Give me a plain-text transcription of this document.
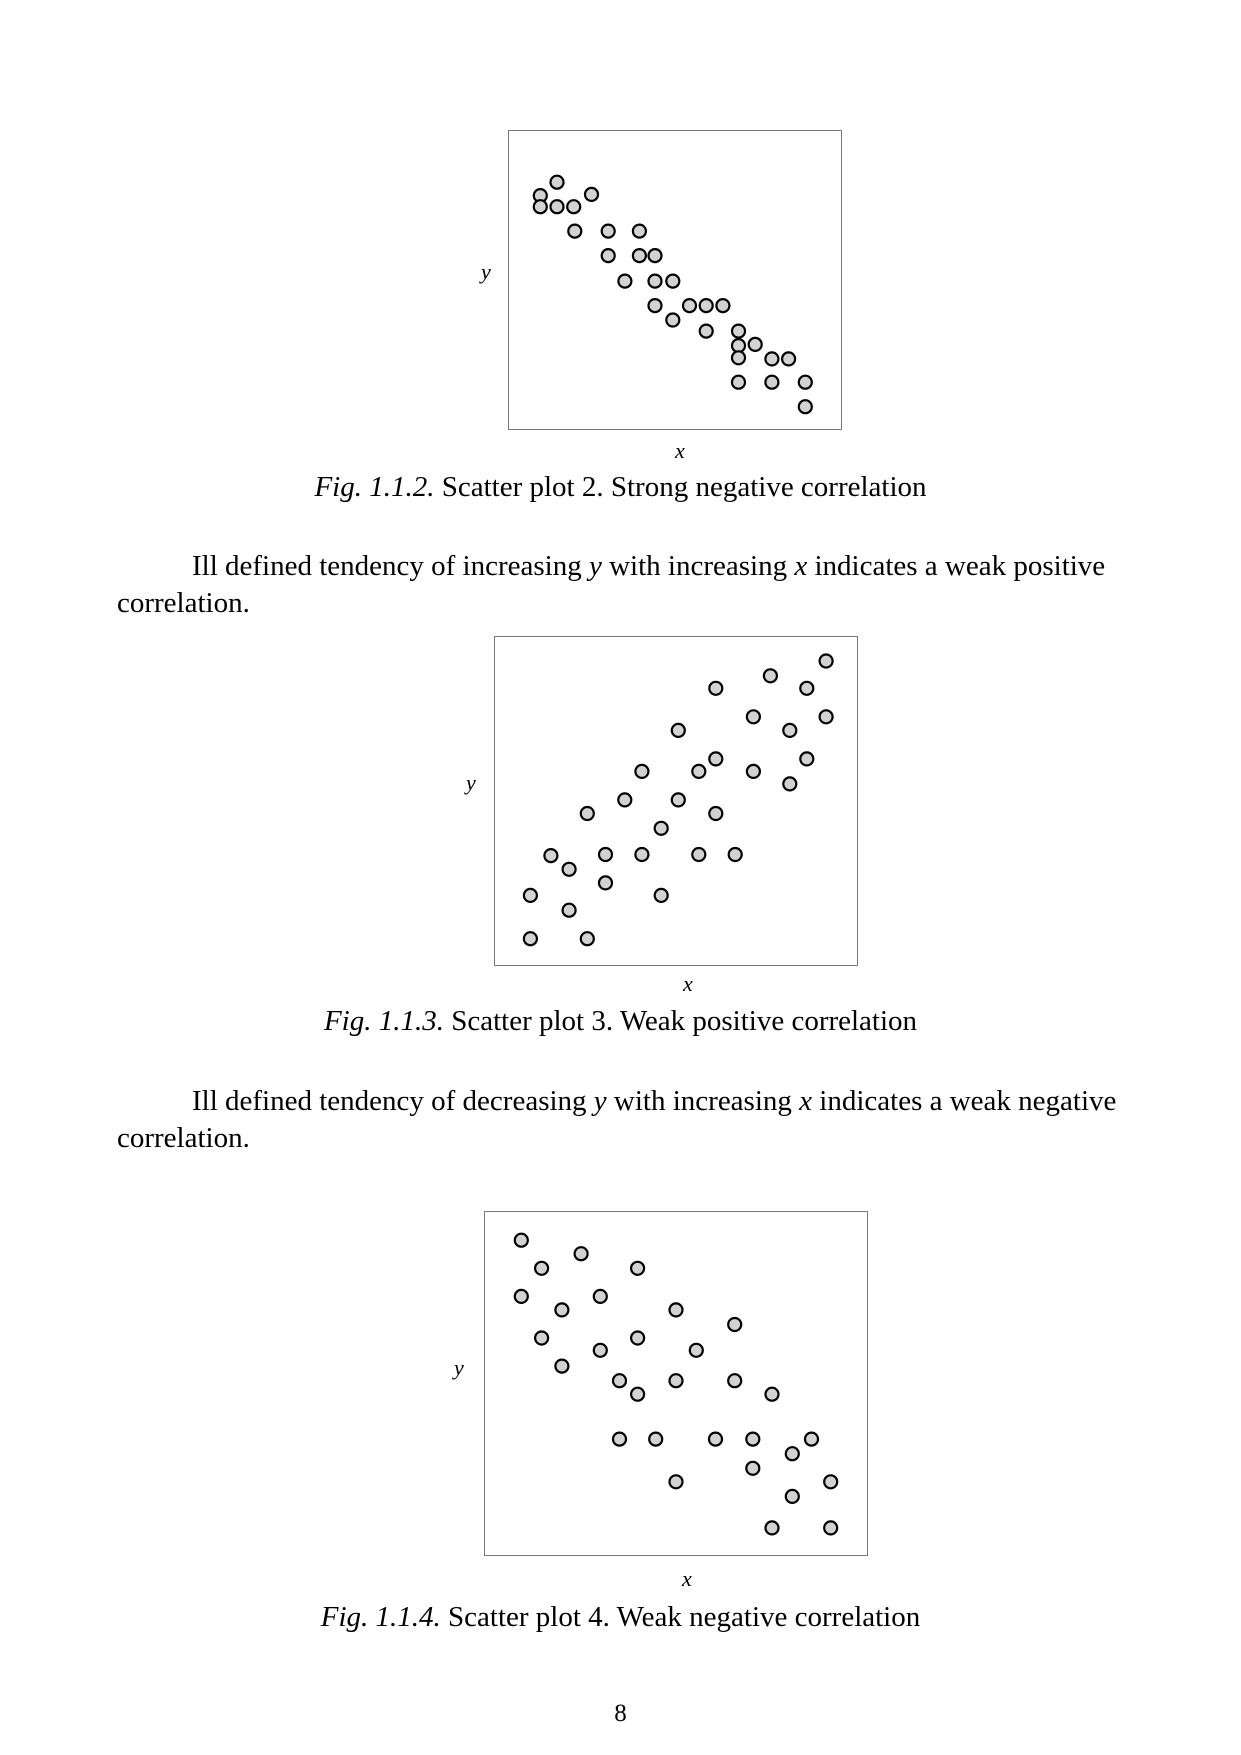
y
x
Fig. 1.1.2. Scatter plot 2. Strong negative correlation

Ill defined tendency of increasing y with increasing x indicates a weak positive correlation.

y
x
Fig. 1.1.3. Scatter plot 3. Weak positive correlation

Ill defined tendency of decreasing y with increasing x indicates a weak negative correlation.

y
x
Fig. 1.1.4. Scatter plot 4. Weak negative correlation
8
